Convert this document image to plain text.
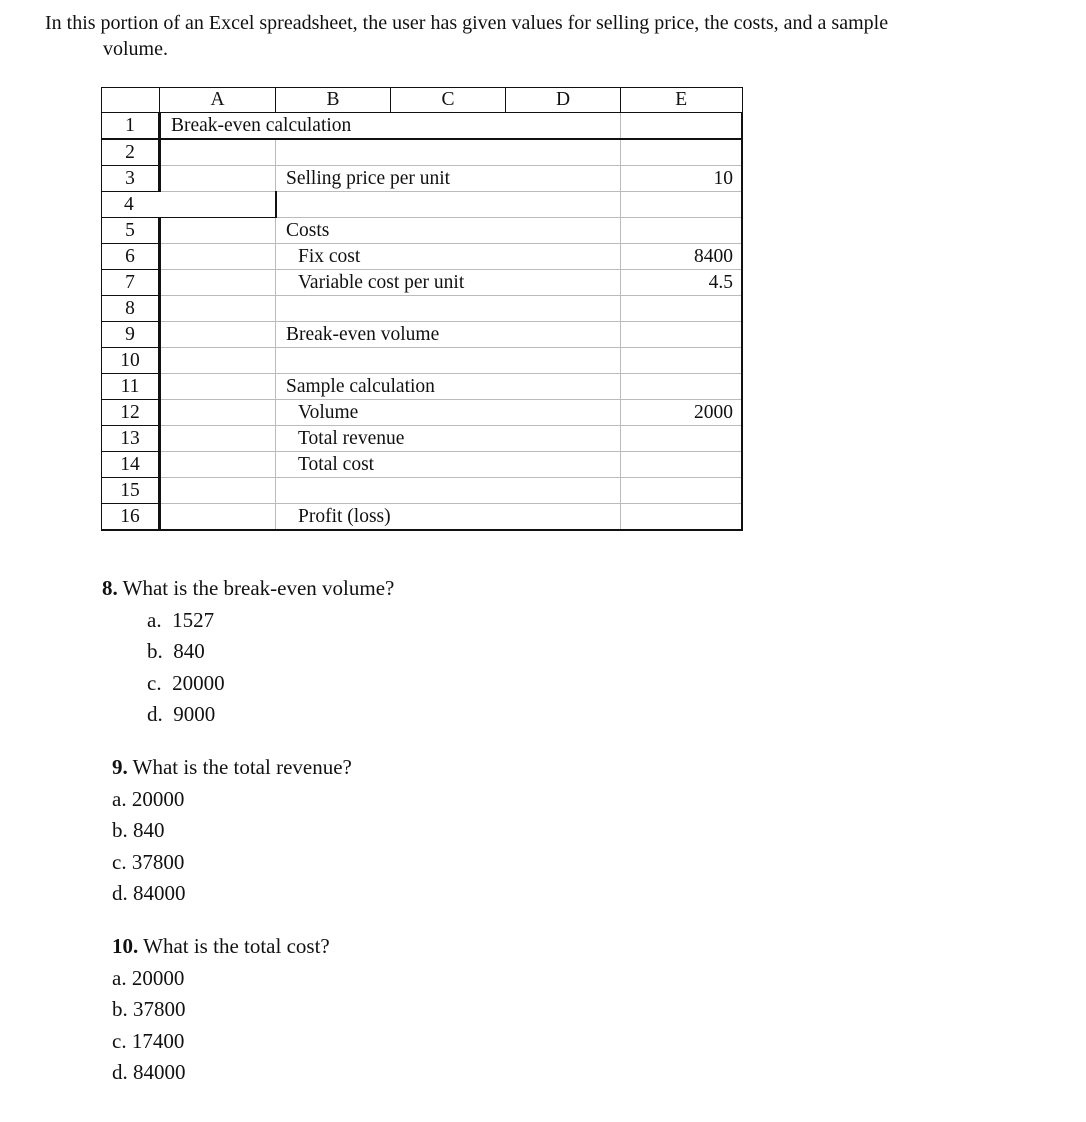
In this portion of an Excel spreadsheet, the user has given values for selling price, the costs, and a sample
volume.
	A	B	C	D	E
1	Break-even calculation				
2					
3		Selling price per unit			10
4					
5		Costs			
6		Fix cost			8400
7		Variable cost per unit			4.5
8					
9		Break-even volume			
10					
11		Sample calculation			
12		Volume			2000
13		Total revenue			
14		Total cost			
15					
16		Profit (loss)			
8. What is the break-even volume?
a.  1527
b.  840
c.  20000
d.  9000
9. What is the total revenue?
a. 20000
b. 840
c. 37800
d. 84000
10. What is the total cost?
a. 20000
b. 37800
c. 17400
d. 84000
